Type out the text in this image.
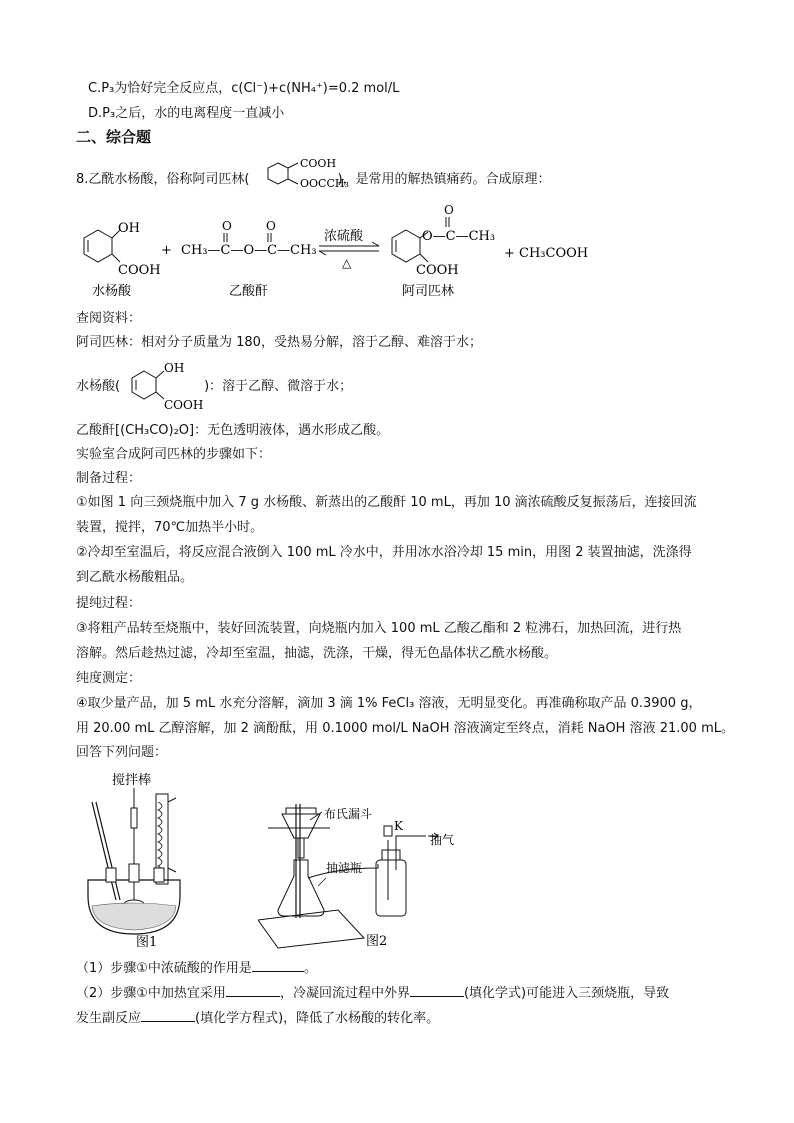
C.P₃为恰好完全反应点，c(Cl⁻)+c(NH₄⁺)=0.2 mol/L
D.P₃之后，水的电离程度一直减小
二、综合题
8.乙酰水杨酸，俗称阿司匹林(	)，是常用的解热镇痛药。合成原理：
COOH
OOCCH₃
OH
COOH
水杨酸
+ CH₃—C—O—C—CH₃
O	O
乙酸酐
浓硫酸
△
O—C—CH₃
O
COOH
阿司匹林
+ CH₃COOH
查阅资料：
阿司匹林：相对分子质量为 180，受热易分解，溶于乙醇、难溶于水；
水杨酸(	)：溶于乙醇、微溶于水；
OH
COOH
乙酸酐[(CH₃CO)₂O]：无色透明液体，遇水形成乙酸。
实验室合成阿司匹林的步骤如下：
制备过程：
①如图 1 向三颈烧瓶中加入 7 g 水杨酸、新蒸出的乙酸酐 10 mL，再加 10 滴浓硫酸反复振荡后，连接回流
装置，搅拌，70℃加热半小时。
②冷却至室温后，将反应混合液倒入 100 mL 冷水中，并用冰水浴冷却 15 min，用图 2 装置抽滤，洗涤得
到乙酰水杨酸粗品。
提纯过程：
③将粗产品转至烧瓶中，装好回流装置，向烧瓶内加入 100 mL 乙酸乙酯和 2 粒沸石，加热回流，进行热
溶解。然后趁热过滤，冷却至室温，抽滤，洗涤，干燥，得无色晶体状乙酰水杨酸。
纯度测定：
④取少量产品，加 5 mL 水充分溶解，滴加 3 滴 1% FeCl₃ 溶液，无明显变化。再准确称取产品 0.3900 g，
用 20.00 mL 乙醇溶解，加 2 滴酚酞，用 0.1000 mol/L NaOH 溶液滴定至终点，消耗 NaOH 溶液 21.00 mL。
回答下列问题：
搅拌棒
图1
布氏漏斗
抽滤瓶
K
抽气
图2
（1）步骤①中浓硫酸的作用是	。
（2）步骤①中加热宜采用	，冷凝回流过程中外界	(填化学式)可能进入三颈烧瓶，导致
发生副反应	(填化学方程式)，降低了水杨酸的转化率。
